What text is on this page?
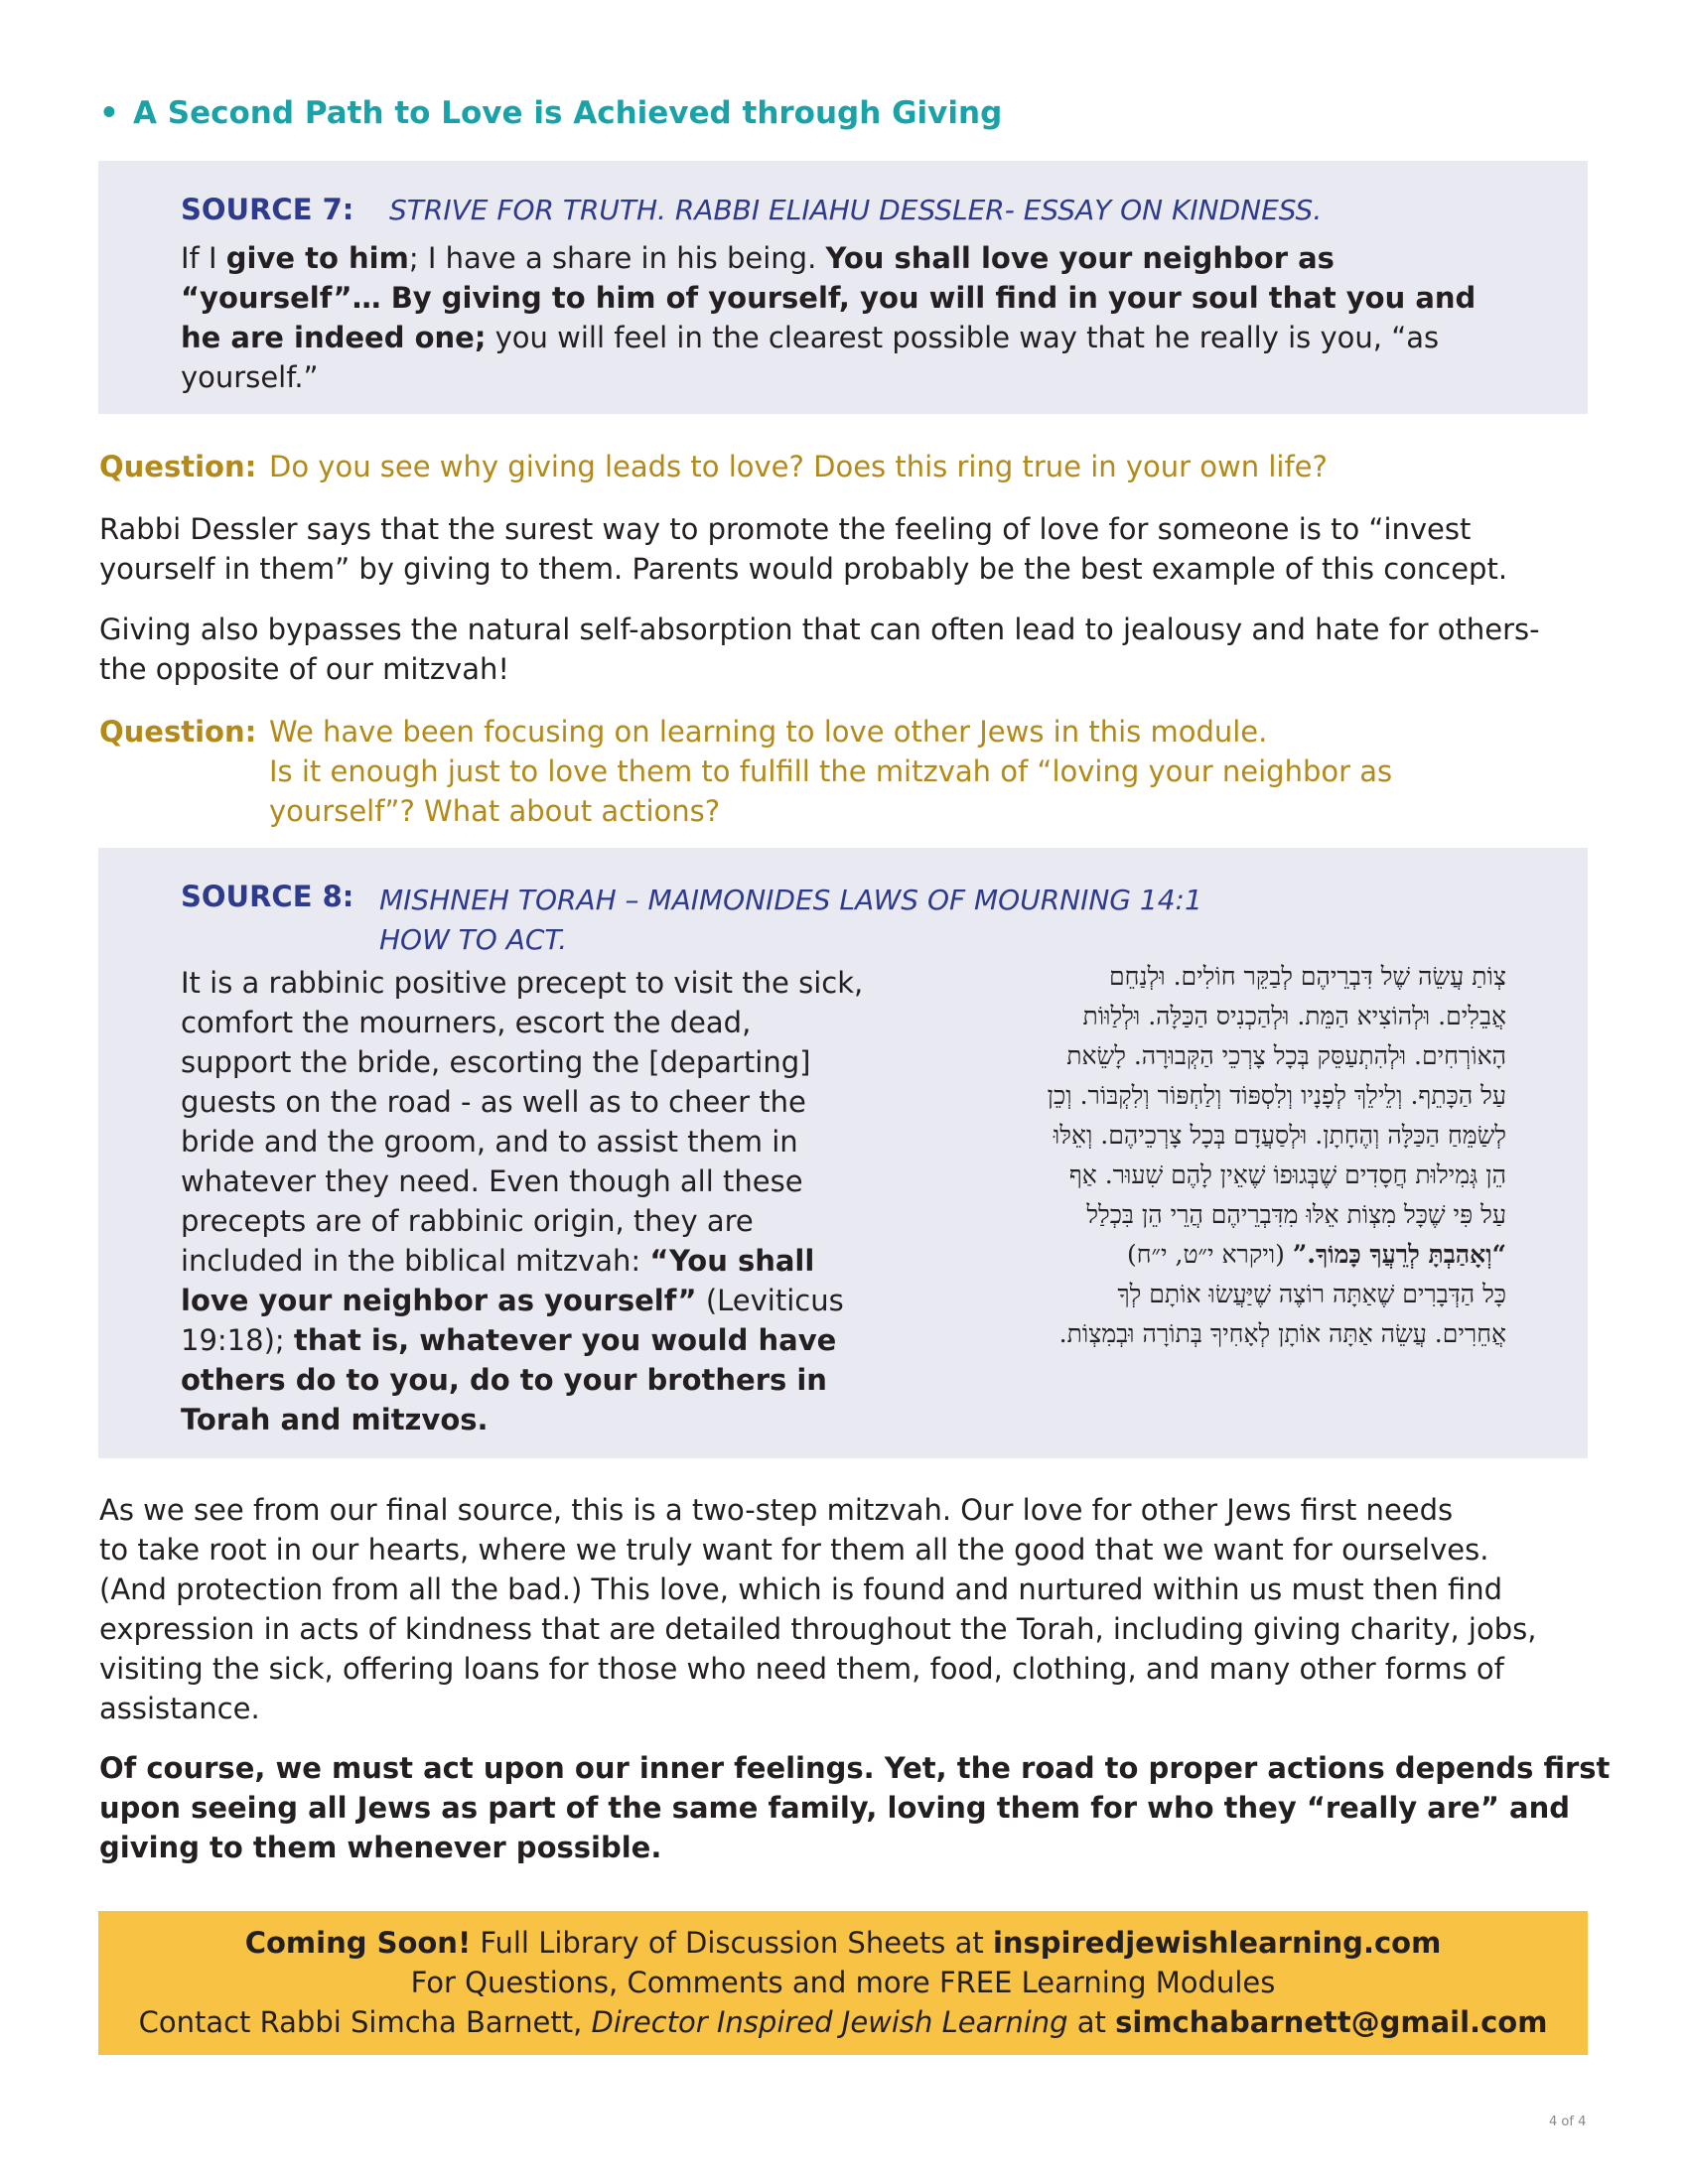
• A Second Path to Love is Achieved through Giving
SOURCE 7: STRIVE FOR TRUTH. RABBI ELIAHU DESSLER- ESSAY ON KINDNESS.
If I give to him; I have a share in his being. You shall love your neighbor as
“yourself”… By giving to him of yourself, you will find in your soul that you and
he are indeed one; you will feel in the clearest possible way that he really is you, “as
yourself.”
Question: Do you see why giving leads to love? Does this ring true in your own life?
Rabbi Dessler says that the surest way to promote the feeling of love for someone is to “invest
yourself in them” by giving to them. Parents would probably be the best example of this concept.
Giving also bypasses the natural self-absorption that can often lead to jealousy and hate for others-
the opposite of our mitzvah!
Question: We have been focusing on learning to love other Jews in this module.
Is it enough just to love them to fulfill the mitzvah of “loving your neighbor as
yourself”? What about actions?
SOURCE 8: MISHNEH TORAH – MAIMONIDES LAWS OF MOURNING 14:1
HOW TO ACT.
It is a rabbinic positive precept to visit the sick,
comfort the mourners, escort the dead,
support the bride, escorting the [departing]
guests on the road - as well as to cheer the
bride and the groom, and to assist them in
whatever they need. Even though all these
precepts are of rabbinic origin, they are
included in the biblical mitzvah: “You shall
love your neighbor as yourself” (Leviticus
19:18); that is, whatever you would have
others do to you, do to your brothers in
Torah and mitzvos.
צְוֹתַ עֲשֵׂה שֶׁל דִּבְרֵיהֶם לְבַקֵּר חוֹלִים. וּלְנַחֵם
אֲבֵלִים. וּלְהוֹצִיא הַמֵּת. וּלְהַכְנִיס הַכַּלָּה. וּלְלַוּוֹת
הָאוֹרְחִים. וּלְהִתְעַסֵּק בְּכָל צָרְכֵי הַקְּבוּרָה. לָשֵׂאת
עַל הַכָּתֵף. וְלֵילֵךְ לְפָנָיו וְלִסְפּוֹד וְלַחְפּוֹר וְלִקְבּוֹר. וְכֵן
לְשַׂמֵּחַ הַכַּלָּה וְהֶחָתָן. וּלְסַעֲדָם בְּכָל צָרְכֵיהֶם. וְאֵלּוּ
הֵן גְּמִילוּת חֲסָדִים שֶׁבְּגוּפוֹ שֶׁאֵין לָהֶם שִׁעוּר. אַף
עַל פִּי שֶׁכָּל מִצְוֹת אֵלּוּ מִדִּבְרֵיהֶם הֲרֵי הֵן בִּכְלַל
“וְאָהַבְתָּ לְרֵעֲךָ כָּמוֹךָ.” (ויקרא י״ט, י״ח)
כָּל הַדְּבָרִים שֶׁאַתָּה רוֹצֶה שֶׁיַּעֲשׂוּ אוֹתָם לְךָ
אֲחֵרִים. עֲשֵׂה אַתָּה אוֹתָן לְאָחִיךָ בְּתוֹרָה וּבְמִצְוֹת.
As we see from our final source, this is a two-step mitzvah. Our love for other Jews first needs
to take root in our hearts, where we truly want for them all the good that we want for ourselves.
(And protection from all the bad.) This love, which is found and nurtured within us must then find
expression in acts of kindness that are detailed throughout the Torah, including giving charity, jobs,
visiting the sick, offering loans for those who need them, food, clothing, and many other forms of
assistance.
Of course, we must act upon our inner feelings. Yet, the road to proper actions depends first
upon seeing all Jews as part of the same family, loving them for who they “really are” and
giving to them whenever possible.
Coming Soon! Full Library of Discussion Sheets at inspiredjewishlearning.com
For Questions, Comments and more FREE Learning Modules
Contact Rabbi Simcha Barnett, Director Inspired Jewish Learning at simchabarnett@gmail.com
4 of 4
